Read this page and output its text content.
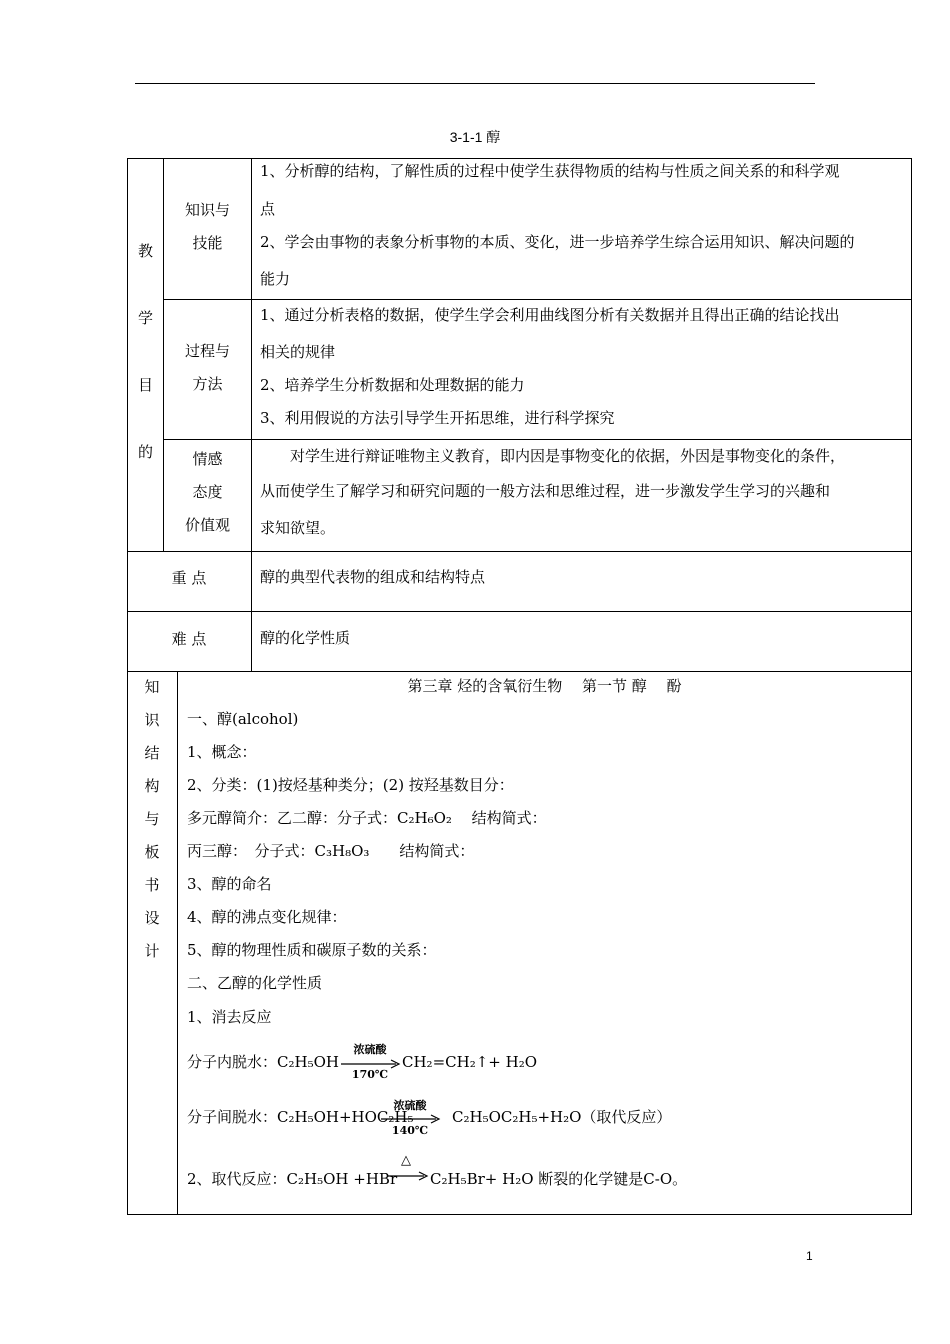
3-1-1 醇
教
学
目
的
知识与
技能
1、分析醇的结构，了解性质的过程中使学生获得物质的结构与性质之间关系的和科学观
点
2、学会由事物的表象分析事物的本质、变化，进一步培养学生综合运用知识、解决问题的
能力
过程与
方法
1、通过分析表格的数据，使学生学会利用曲线图分析有关数据并且得出正确的结论找出
相关的规律
2、培养学生分析数据和处理数据的能力
3、利用假说的方法引导学生开拓思维，进行科学探究
情感
态度
价值观
　　对学生进行辩证唯物主义教育，即内因是事物变化的依据，外因是事物变化的条件，
从而使学生了解学习和研究问题的一般方法和思维过程，进一步激发学生学习的兴趣和
求知欲望。
重 点	醇的典型代表物的组成和结构特点
难 点	醇的化学性质
知
识
结
构
与
板
书
设
计
第三章 烃的含氧衍生物　 第一节 醇　 酚
一、醇(alcohol)
1、概念：
2、分类：(1)按烃基种类分；(2) 按羟基数目分：
多元醇简介：乙二醇：分子式：C₂H₆O₂　 结构简式：
丙三醇：　分子式：C₃H₈O₃　　结构简式：
3、醇的命名
4、醇的沸点变化规律：
5、醇的物理性质和碳原子数的关系：
二、乙醇的化学性质
1、消去反应
分子内脱水：C₂H₅OH
浓硫酸
170℃
CH₂=CH₂↑+ H₂O
分子间脱水：C₂H₅OH+HOC₂H₅
浓硫酸
140℃
C₂H₅OC₂H₅+H₂O（取代反应）
2、取代反应：C₂H₅OH +HBr
△
→ C₂H₅Br+ H₂O 断裂的化学键是C-O。
1
